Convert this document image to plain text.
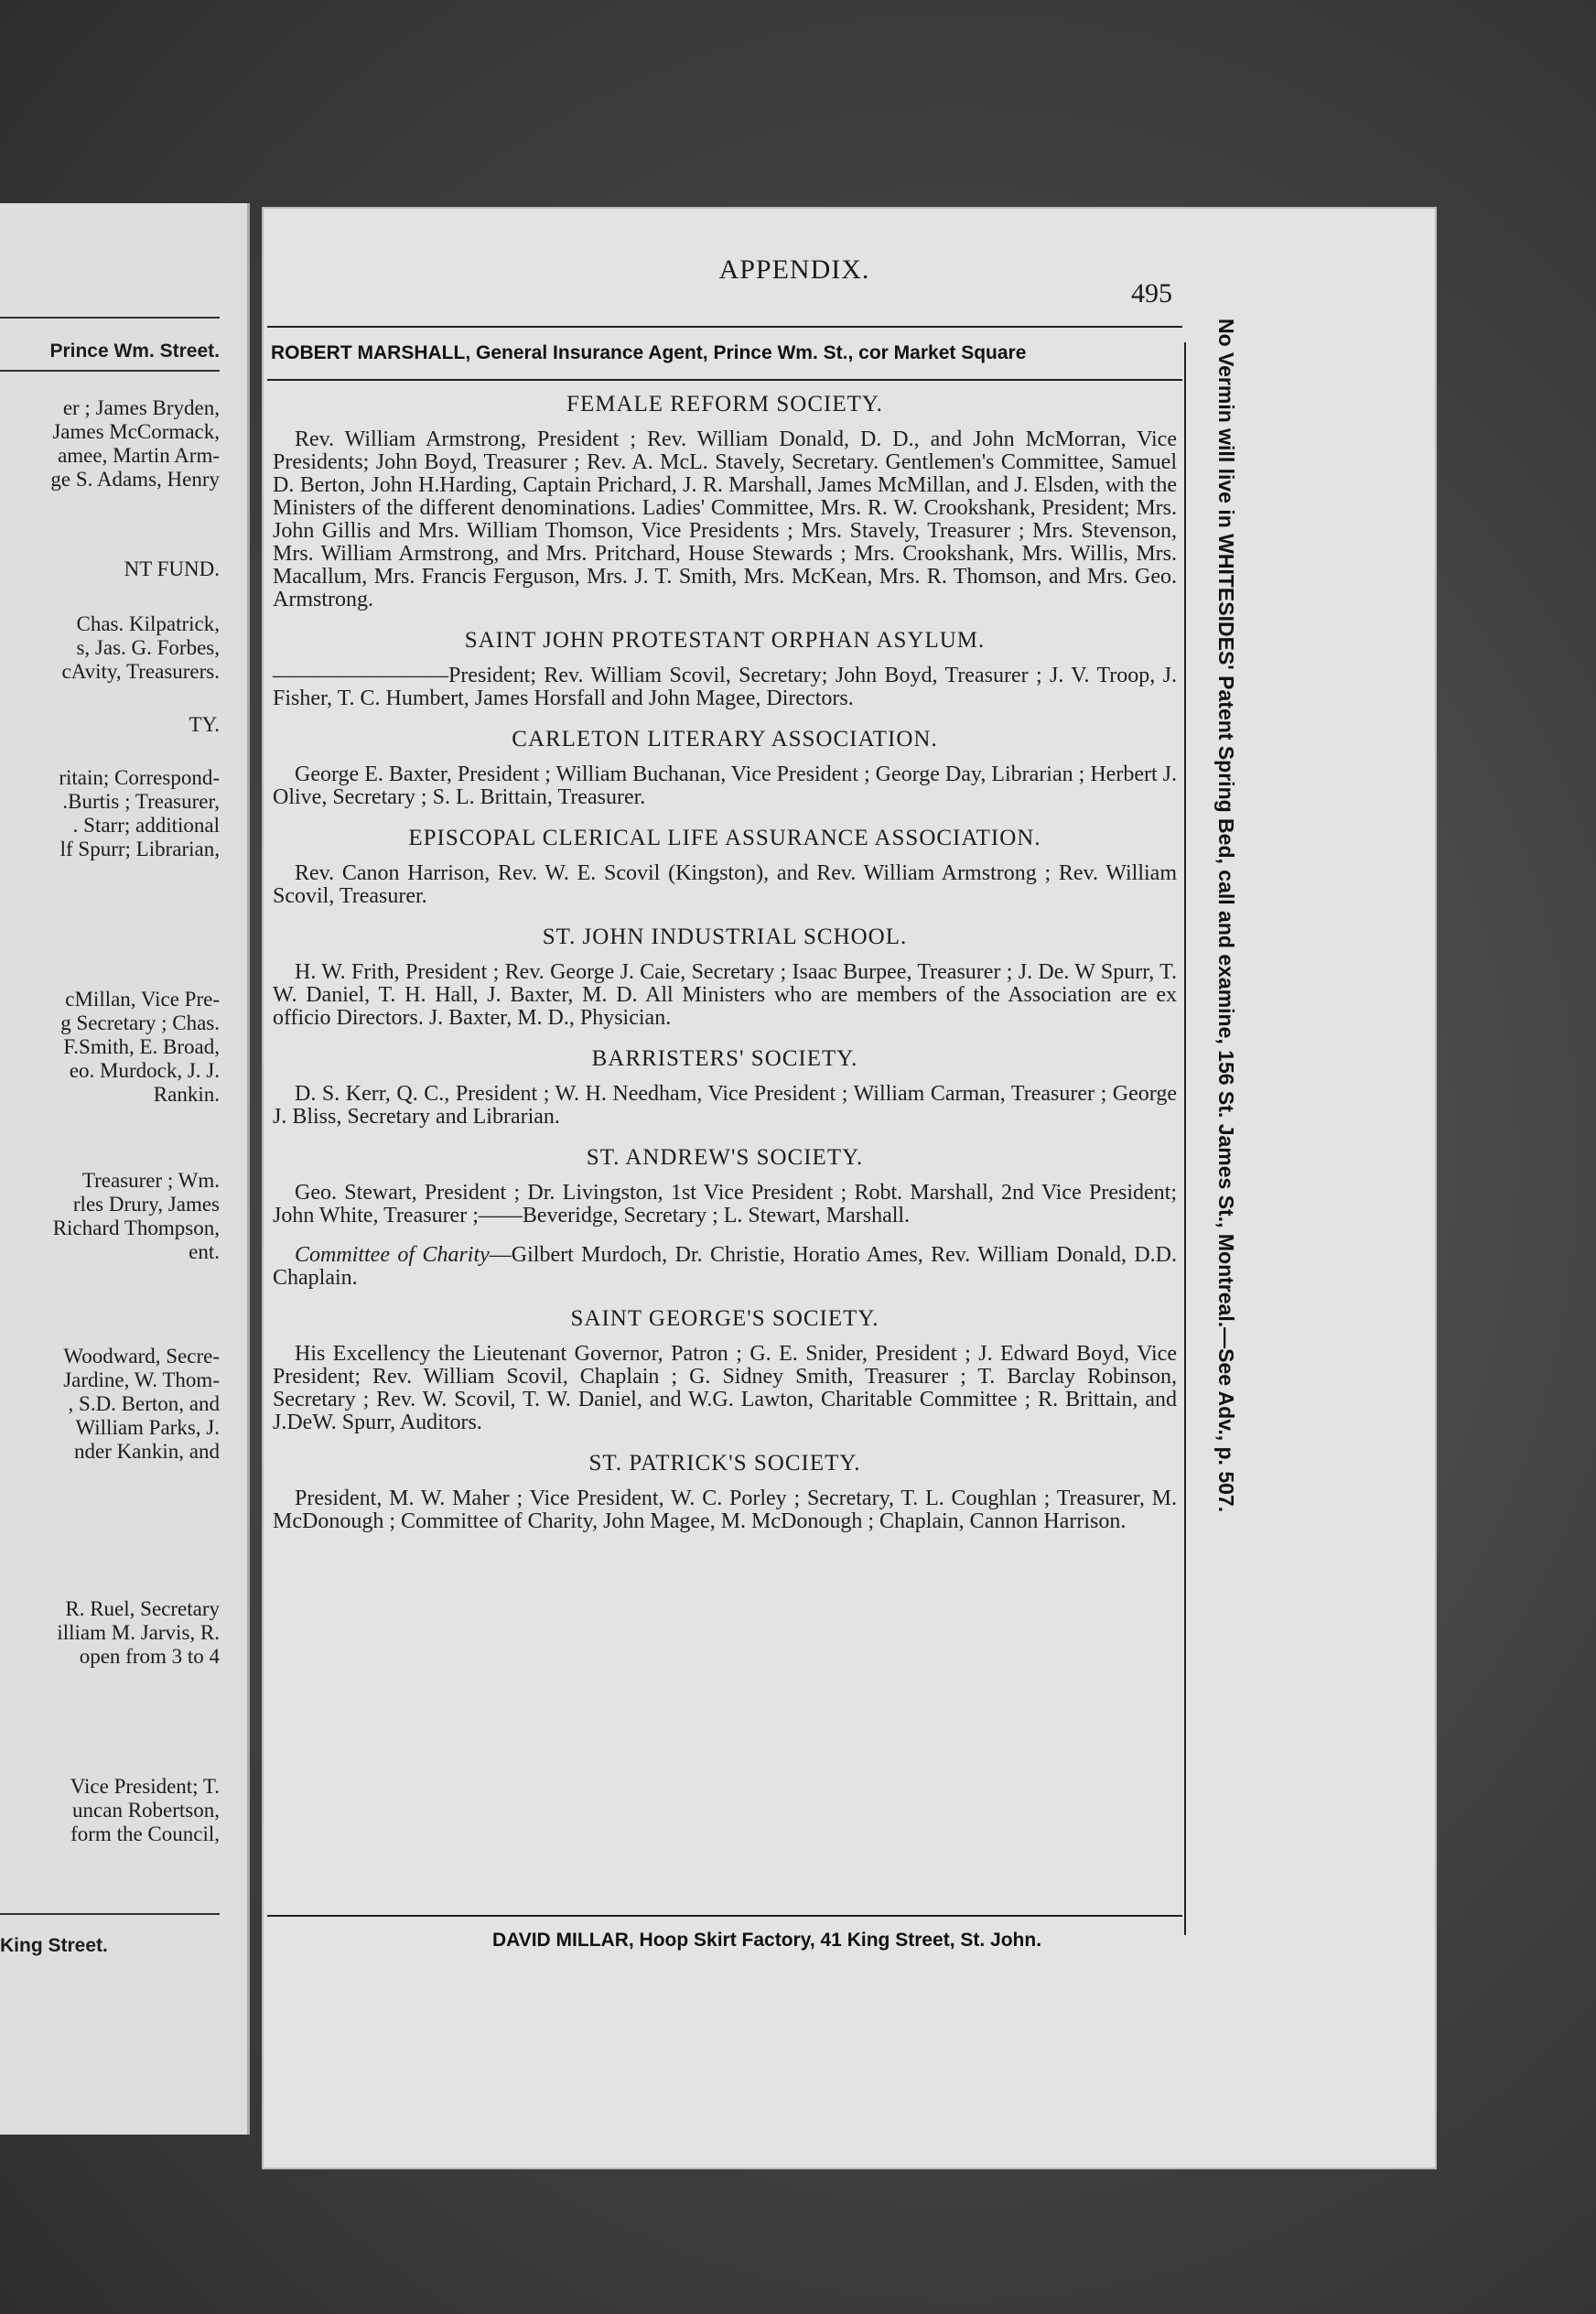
Prince Wm. Street.
er ; James Bryden,
James McCormack,
amee, Martin Arm-
ge S. Adams, Henry
NT FUND.
Chas. Kilpatrick,
s, Jas. G. Forbes,
cAvity, Treasurers.
TY.
ritain; Correspond-
.Burtis ; Treasurer,
. Starr; additional
lf Spurr; Librarian,
cMillan, Vice Pre-
g Secretary ; Chas.
F.Smith, E. Broad,
eo. Murdock, J. J.
Rankin.
Treasurer ; Wm.
rles Drury, James
Richard Thompson,
ent.
Woodward, Secre-
Jardine, W. Thom-
, S.D. Berton, and
William Parks, J.
nder Kankin, and
R. Ruel, Secretary
illiam M. Jarvis, R.
open from 3 to 4
Vice President; T.
uncan Robertson,
form the Council,
King Street.
APPENDIX.
495
ROBERT MARSHALL, General Insurance Agent, Prince Wm. St., cor Market Square	No Vermin will live in WHITESIDES' Patent Spring Bed, call and examine, 156 St. James St., Montreal.—See Adv., p. 507.
FEMALE REFORM SOCIETY.

Rev. William Armstrong, President ; Rev. William Donald, D. D., and John McMorran, Vice Presidents; John Boyd, Treasurer ; Rev. A. McL. Stavely, Secretary. Gentlemen's Committee, Samuel D. Berton, John H.Harding, Captain Prichard, J. R. Marshall, James McMillan, and J. Elsden, with the Ministers of the different denominations. Ladies' Committee, Mrs. R. W. Crookshank, President; Mrs. John Gillis and Mrs. William Thomson, Vice Presidents ; Mrs. Stavely, Treasurer ; Mrs. Stevenson, Mrs. William Armstrong, and Mrs. Pritchard, House Stewards ; Mrs. Crookshank, Mrs. Willis, Mrs. Macallum, Mrs. Francis Ferguson, Mrs. J. T. Smith, Mrs. McKean, Mrs. R. Thomson, and Mrs. Geo. Armstrong.

SAINT JOHN PROTESTANT ORPHAN ASYLUM.

————————President; Rev. William Scovil, Secretary; John Boyd, Treasurer ; J. V. Troop, J. Fisher, T. C. Humbert, James Horsfall and John Magee, Directors.

CARLETON LITERARY ASSOCIATION.

George E. Baxter, President ; William Buchanan, Vice President ; George Day, Librarian ; Herbert J. Olive, Secretary ; S. L. Brittain, Treasurer.

EPISCOPAL CLERICAL LIFE ASSURANCE ASSOCIATION.

Rev. Canon Harrison, Rev. W. E. Scovil (Kingston), and Rev. William Armstrong ; Rev. William Scovil, Treasurer.

ST. JOHN INDUSTRIAL SCHOOL.

H. W. Frith, President ; Rev. George J. Caie, Secretary ; Isaac Burpee, Treasurer ; J. De. W Spurr, T. W. Daniel, T. H. Hall, J. Baxter, M. D. All Ministers who are members of the Association are ex officio Directors. J. Baxter, M. D., Physician.

BARRISTERS' SOCIETY.

D. S. Kerr, Q. C., President ; W. H. Needham, Vice President ; William Carman, Treasurer ; George J. Bliss, Secretary and Librarian.

ST. ANDREW'S SOCIETY.

Geo. Stewart, President ; Dr. Livingston, 1st Vice President ; Robt. Marshall, 2nd Vice President; John White, Treasurer ;——Beveridge, Secretary ; L. Stewart, Marshall.

Committee of Charity—Gilbert Murdoch, Dr. Christie, Horatio Ames, Rev. William Donald, D.D. Chaplain.

SAINT GEORGE'S SOCIETY.

His Excellency the Lieutenant Governor, Patron ; G. E. Snider, President ; J. Edward Boyd, Vice President; Rev. William Scovil, Chaplain ; G. Sidney Smith, Treasurer ; T. Barclay Robinson, Secretary ; Rev. W. Scovil, T. W. Daniel, and W.G. Lawton, Charitable Committee ; R. Brittain, and J.DeW. Spurr, Auditors.

ST. PATRICK'S SOCIETY.

President, M. W. Maher ; Vice President, W. C. Porley ; Secretary, T. L. Coughlan ; Treasurer, M. McDonough ; Committee of Charity, John Magee, M. McDonough ; Chaplain, Cannon Harrison.

DAVID MILLAR, Hoop Skirt Factory, 41 King Street, St. John.
